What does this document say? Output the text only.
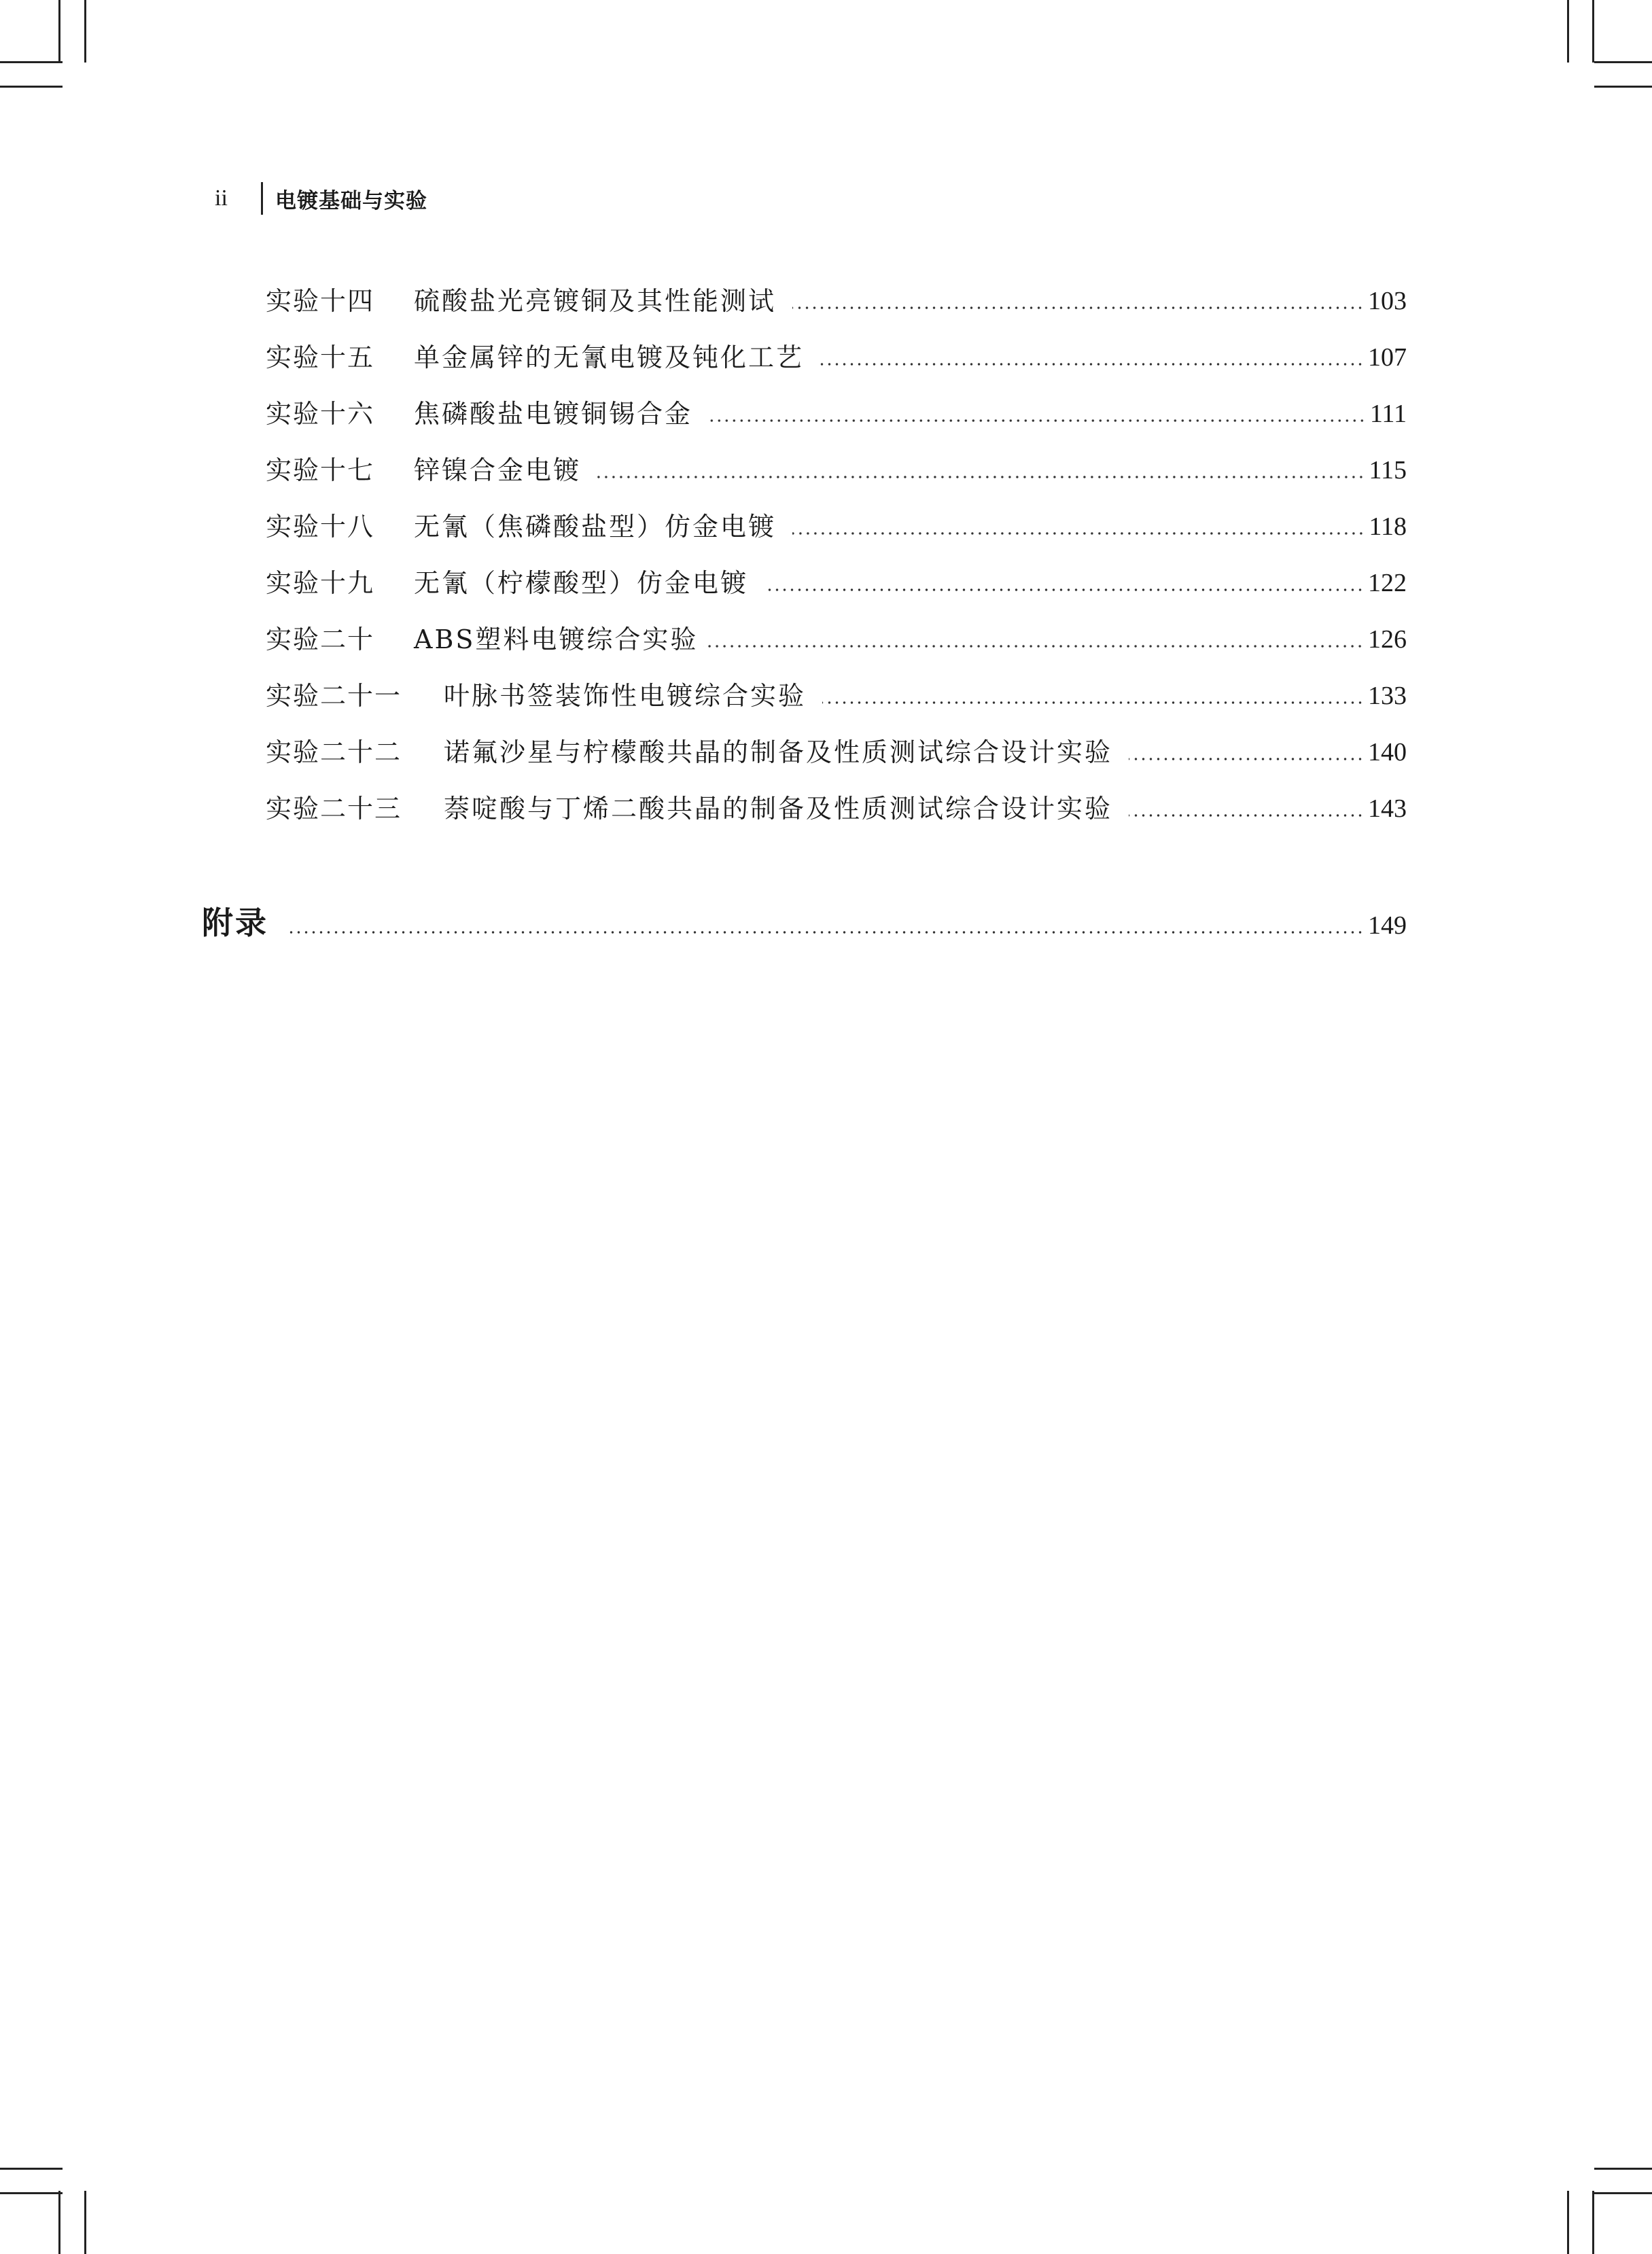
ii	电镀基础与实验
实验十四	硫酸盐光亮镀铜及其性能测试	103
实验十五	单金属锌的无氰电镀及钝化工艺	107
实验十六	焦磷酸盐电镀铜锡合金	111
实验十七	锌镍合金电镀	115
实验十八	无氰（焦磷酸盐型）仿金电镀	118
实验十九	无氰（柠檬酸型）仿金电镀	122
实验二十	ABS塑料电镀综合实验	126
实验二十一	叶脉书签装饰性电镀综合实验	133
实验二十二	诺氟沙星与柠檬酸共晶的制备及性质测试综合设计实验	140
实验二十三	萘啶酸与丁烯二酸共晶的制备及性质测试综合设计实验	143
附录	149
